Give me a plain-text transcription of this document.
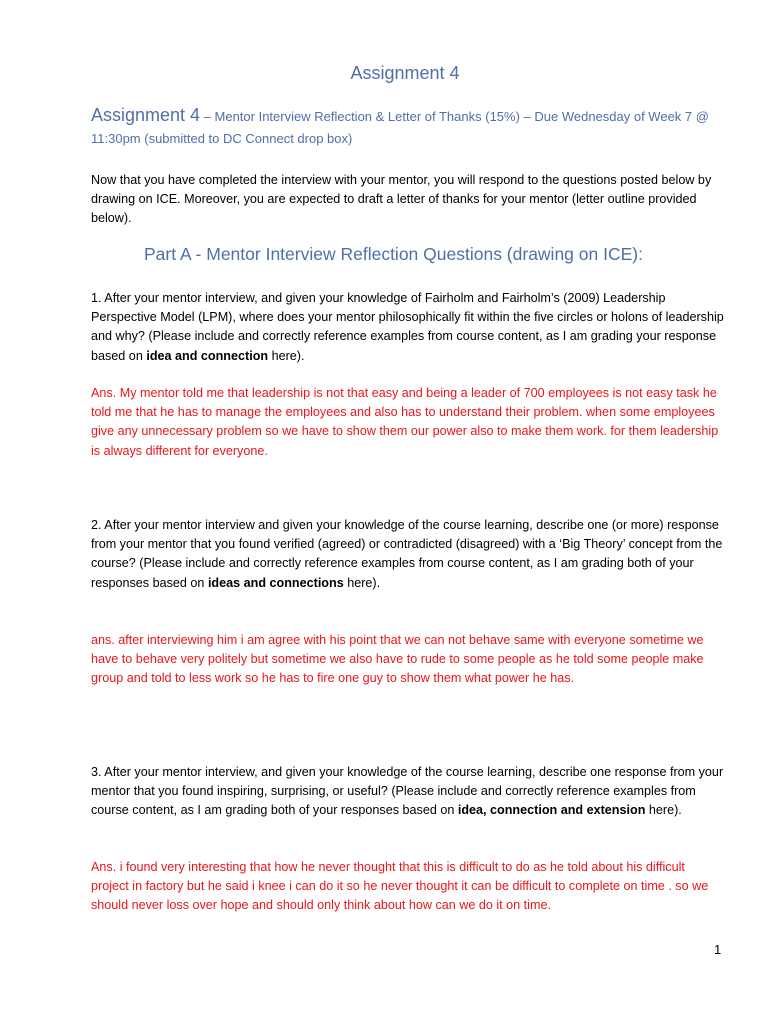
Assignment 4
Assignment 4 – Mentor Interview Reflection & Letter of Thanks (15%) – Due Wednesday of Week 7 @ 11:30pm (submitted to DC Connect drop box)

Now that you have completed the interview with your mentor, you will respond to the questions posted below by drawing on ICE. Moreover, you are expected to draft a letter of thanks for your mentor (letter outline provided below).

Part A - Mentor Interview Reflection Questions (drawing on ICE):

1. After your mentor interview, and given your knowledge of Fairholm and Fairholm’s (2009) Leadership Perspective Model (LPM), where does your mentor philosophically fit within the five circles or holons of leadership and why? (Please include and correctly reference examples from course content, as I am grading your response based on idea and connection here).

Ans. My mentor told me that leadership is not that easy and being a leader of 700 employees is not easy task he told me that he has to manage the employees and also has to understand their problem. when some employees give any unnecessary problem so we have to show them our power also to make them work. for them leadership is always different for everyone.

2. After your mentor interview and given your knowledge of the course learning, describe one (or more) response from your mentor that you found verified (agreed) or contradicted (disagreed) with a ‘Big Theory’ concept from the course? (Please include and correctly reference examples from course content, as I am grading both of your responses based on ideas and connections here).

ans. after interviewing him i am agree with his point that we can not behave same with everyone sometime we have to behave very politely but sometime we also have to rude to some people as he told some people make group and told to less work so he has to fire one guy to show them what power he has.

3. After your mentor interview, and given your knowledge of the course learning, describe one response from your mentor that you found inspiring, surprising, or useful? (Please include and correctly reference examples from course content, as I am grading both of your responses based on idea, connection and extension here).

Ans. i found very interesting that how he never thought that this is difficult to do as he told about his difficult project in factory but he said i knee i can do it so he never thought it can be difficult to complete on time . so we should never loss over hope and should only think about how can we do it on time.

1
